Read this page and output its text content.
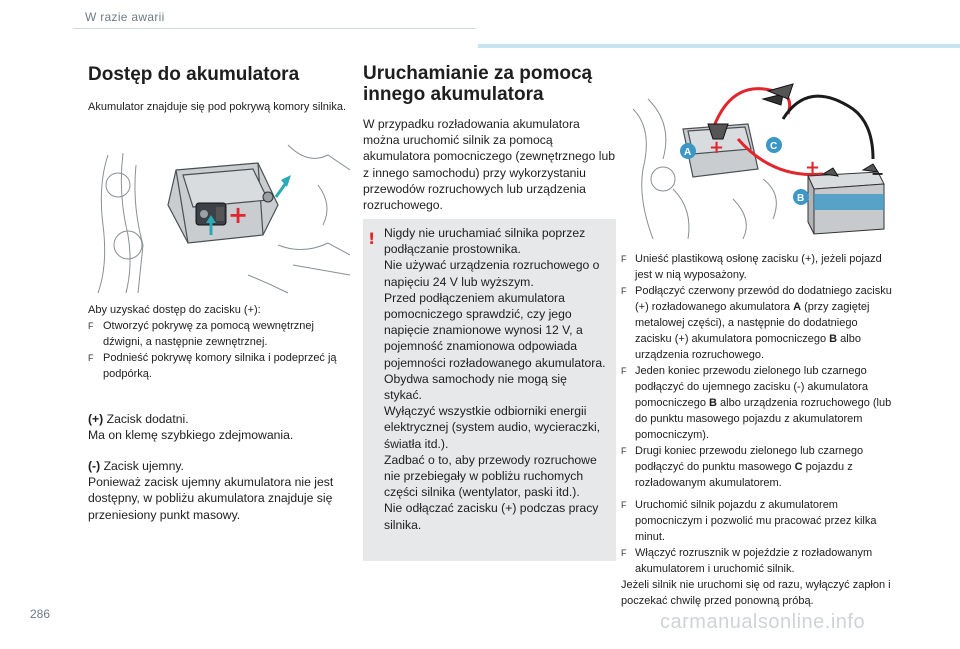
W razie awarii
Dostęp do akumulatora
Akumulator znajduje się pod pokrywą komory silnika.
+
Aby uzyskać dostęp do zacisku (+):
F Otworzyć pokrywę za pomocą wewnętrznej dźwigni, a następnie zewnętrznej.
F Podnieść pokrywę komory silnika i podeprzeć ją podpórką.
(+) Zacisk dodatni.
Ma on klemę szybkiego zdejmowania.
(-) Zacisk ujemny.
Ponieważ zacisk ujemny akumulatora nie jest dostępny, w pobliżu akumulatora znajduje się przeniesiony punkt masowy.
Uruchamianie za pomocą innego akumulatora
W przypadku rozładowania akumulatora można uruchomić silnik za pomocą akumulatora pomocniczego (zewnętrznego lub z innego samochodu) przy wykorzystaniu przewodów rozruchowych lub urządzenia rozruchowego.
! Nigdy nie uruchamiać silnika poprzez podłączanie prostownika.
Nie używać urządzenia rozruchowego o napięciu 24 V lub wyższym.
Przed podłączeniem akumulatora pomocniczego sprawdzić, czy jego napięcie znamionowe wynosi 12 V, a pojemność znamionowa odpowiada pojemności rozładowanego akumulatora.
Obydwa samochody nie mogą się stykać.
Wyłączyć wszystkie odbiorniki energii elektrycznej (system audio, wycieraczki, światła itd.).
Zadbać o to, aby przewody rozruchowe nie przebiegały w pobliżu ruchomych części silnika (wentylator, paski itd.).
Nie odłączać zacisku (+) podczas pracy silnika.
A
B
C
+
+	−
F Unieść plastikową osłonę zacisku (+), jeżeli pojazd jest w nią wyposażony.
F Podłączyć czerwony przewód do dodatniego zacisku (+) rozładowanego akumulatora A (przy zagiętej metalowej części), a następnie do dodatniego zacisku (+) akumulatora pomocniczego B albo urządzenia rozruchowego.
F Jeden koniec przewodu zielonego lub czarnego podłączyć do ujemnego zacisku (-) akumulatora pomocniczego B albo urządzenia rozruchowego (lub do punktu masowego pojazdu z akumulatorem pomocniczym).
F Drugi koniec przewodu zielonego lub czarnego podłączyć do punktu masowego C pojazdu z rozładowanym akumulatorem.
F Uruchomić silnik pojazdu z akumulatorem pomocniczym i pozwolić mu pracować przez kilka minut.
F Włączyć rozrusznik w pojeździe z rozładowanym akumulatorem i uruchomić silnik.
Jeżeli silnik nie uruchomi się od razu, wyłączyć zapłon i poczekać chwilę przed ponowną próbą.
286	carmanualsonline.info
